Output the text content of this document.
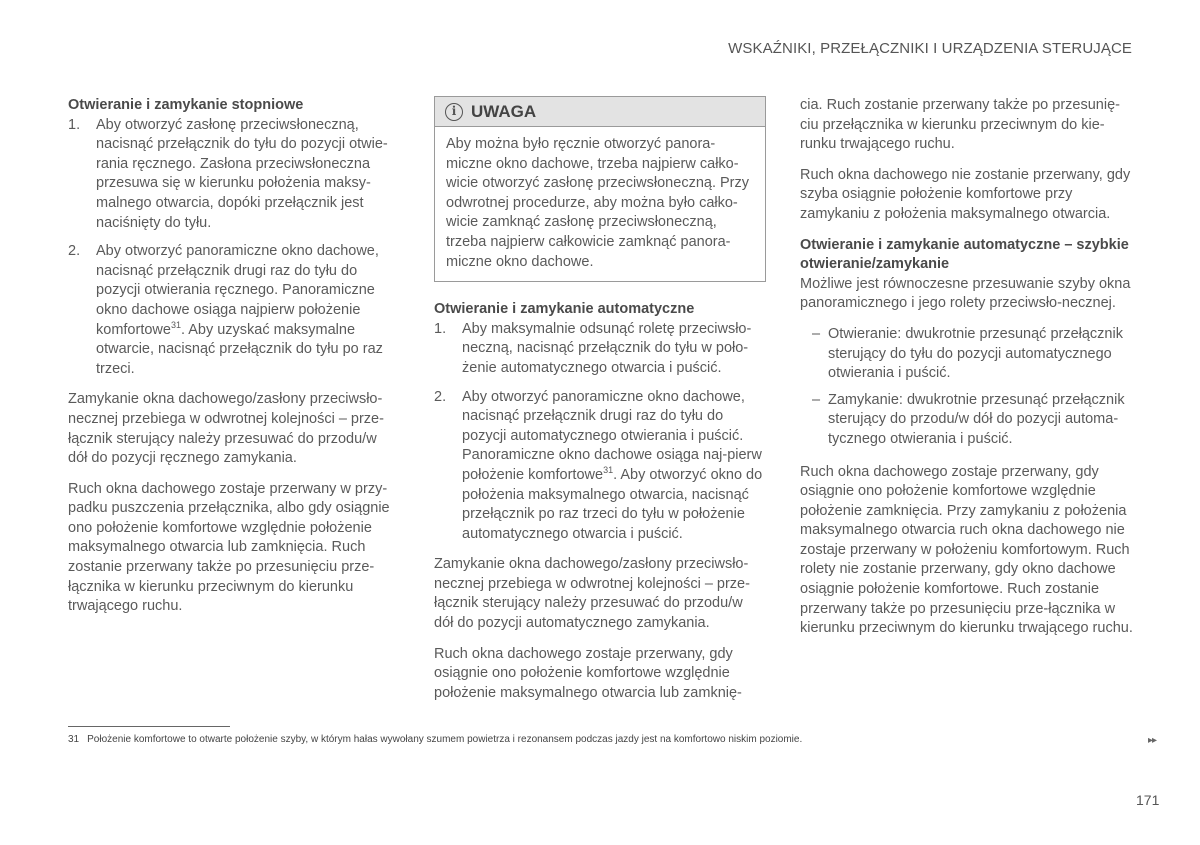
WSKAŹNIKI, PRZEŁĄCZNIKI I URZĄDZENIA STERUJĄCE
Otwieranie i zamykanie stopniowe
1. Aby otworzyć zasłonę przeciwsłoneczną, nacisnąć przełącznik do tyłu do pozycji otwie-rania ręcznego. Zasłona przeciwsłoneczna przesuwa się w kierunku położenia maksy-malnego otwarcia, dopóki przełącznik jest naciśnięty do tyłu.
2. Aby otworzyć panoramiczne okno dachowe, nacisnąć przełącznik drugi raz do tyłu do pozycji otwierania ręcznego. Panoramiczne okno dachowe osiąga najpierw położenie komfortowe$^{31}$. Aby uzyskać maksymalne otwarcie, nacisnąć przełącznik do tyłu po raz trzeci.

Zamykanie okna dachowego/zasłony przeciwsło-necznej przebiega w odwrotnej kolejności – prze-łącznik sterujący należy przesuwać do przodu/w dół do pozycji ręcznego zamykania.

Ruch okna dachowego zostaje przerwany w przy-padku puszczenia przełącznika, albo gdy osiągnie ono położenie komfortowe względnie położenie maksymalnego otwarcia lub zamknięcia. Ruch zostanie przerwany także po przesunięciu prze-łącznika w kierunku przeciwnym do kierunku trwającego ruchu.

i UWAGA
Aby można było ręcznie otworzyć panora-miczne okno dachowe, trzeba najpierw całko-wicie otworzyć zasłonę przeciwsłoneczną. Przy odwrotnej procedurze, aby można było całko-wicie zamknąć zasłonę przeciwsłoneczną, trzeba najpierw całkowicie zamknąć panora-miczne okno dachowe.
Otwieranie i zamykanie automatyczne
1. Aby maksymalnie odsunąć roletę przeciwsło-neczną, nacisnąć przełącznik do tyłu w poło-żenie automatycznego otwarcia i puścić.
2. Aby otworzyć panoramiczne okno dachowe, nacisnąć przełącznik drugi raz do tyłu do pozycji automatycznego otwierania i puścić. Panoramiczne okno dachowe osiąga naj-pierw położenie komfortowe$^{31}$. Aby otworzyć okno do położenia maksymalnego otwarcia, nacisnąć przełącznik po raz trzeci do tyłu w położenie automatycznego otwarcia i puścić.

Zamykanie okna dachowego/zasłony przeciwsło-necznej przebiega w odwrotnej kolejności – prze-łącznik sterujący należy przesuwać do przodu/w dół do pozycji automatycznego zamykania.

Ruch okna dachowego zostaje przerwany, gdy osiągnie ono położenie komfortowe względnie położenie maksymalnego otwarcia lub zamknię-

cia. Ruch zostanie przerwany także po przesunię-ciu przełącznika w kierunku przeciwnym do kie-runku trwającego ruchu.

Ruch okna dachowego nie zostanie przerwany, gdy szyba osiągnie położenie komfortowe przy zamykaniu z położenia maksymalnego otwarcia.

Otwieranie i zamykanie automatyczne – szybkie otwieranie/zamykanie

Możliwe jest równoczesne przesuwanie szyby okna panoramicznego i jego rolety przeciwsło-necznej.

– Otwieranie: dwukrotnie przesunąć przełącznik sterujący do tyłu do pozycji automatycznego otwierania i puścić.
– Zamykanie: dwukrotnie przesunąć przełącznik sterujący do przodu/w dół do pozycji automa-tycznego otwierania i puścić.

Ruch okna dachowego zostaje przerwany, gdy osiągnie ono położenie komfortowe względnie położenie zamknięcia. Przy zamykaniu z położenia maksymalnego otwarcia ruch okna dachowego nie zostaje przerwany w położeniu komfortowym. Ruch rolety nie zostanie przerwany, gdy okno dachowe osiągnie położenie komfortowe. Ruch zostanie przerwany także po przesunięciu prze-łącznika w kierunku przeciwnym do kierunku trwającego ruchu.

31 Położenie komfortowe to otwarte położenie szyby, w którym hałas wywołany szumem powietrza i rezonansem podczas jazdy jest na komfortowo niskim poziomie.	▸▸
171
